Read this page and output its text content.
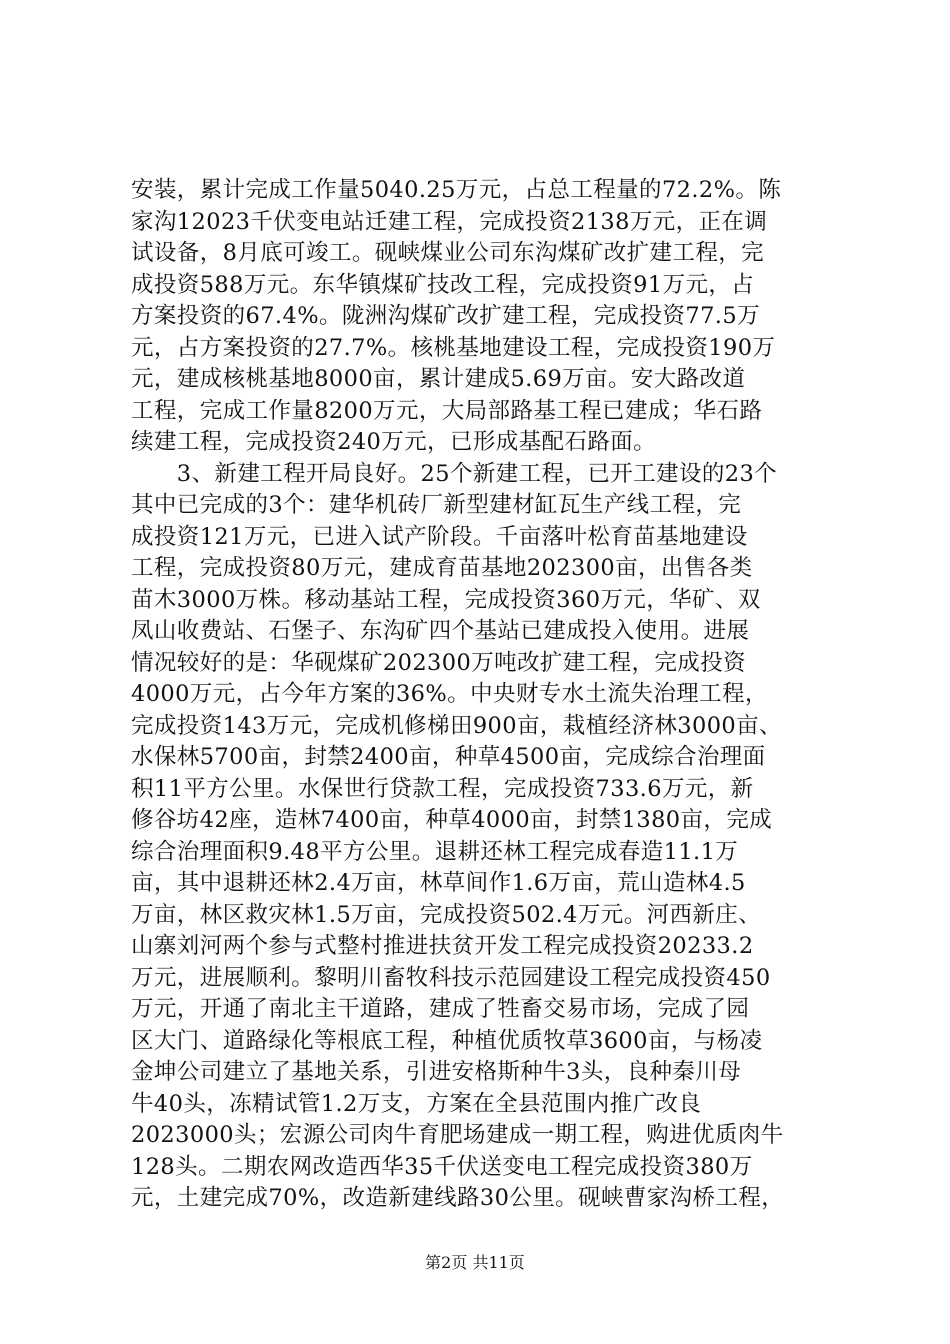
安装，累计完成工作量5040.25万元，占总工程量的72.2%。陈
家沟12023千伏变电站迁建工程，完成投资2138万元，正在调
试设备，8月底可竣工。砚峡煤业公司东沟煤矿改扩建工程，完
成投资588万元。东华镇煤矿技改工程，完成投资91万元，占
方案投资的67.4%。陇洲沟煤矿改扩建工程，完成投资77.5万
元，占方案投资的27.7%。核桃基地建设工程，完成投资190万
元，建成核桃基地8000亩，累计建成5.69万亩。安大路改道
工程，完成工作量8200万元，大局部路基工程已建成；华石路
续建工程，完成投资240万元，已形成基配石路面。
　　3、新建工程开局良好。25个新建工程，已开工建设的23个
其中已完成的3个：建华机砖厂新型建材缸瓦生产线工程，完
成投资121万元，已进入试产阶段。千亩落叶松育苗基地建设
工程，完成投资80万元，建成育苗基地202300亩，出售各类
苗木3000万株。移动基站工程，完成投资360万元，华矿、双
凤山收费站、石堡子、东沟矿四个基站已建成投入使用。进展
情况较好的是：华砚煤矿202300万吨改扩建工程，完成投资
4000万元，占今年方案的36%。中央财专水土流失治理工程，
完成投资143万元，完成机修梯田900亩，栽植经济林3000亩、
水保林5700亩，封禁2400亩，种草4500亩，完成综合治理面
积11平方公里。水保世行贷款工程，完成投资733.6万元，新
修谷坊42座，造林7400亩，种草4000亩，封禁1380亩，完成
综合治理面积9.48平方公里。退耕还林工程完成春造11.1万
亩，其中退耕还林2.4万亩，林草间作1.6万亩，荒山造林4.5
万亩，林区救灾林1.5万亩，完成投资502.4万元。河西新庄、
山寨刘河两个参与式整村推进扶贫开发工程完成投资20233.2
万元，进展顺利。黎明川畜牧科技示范园建设工程完成投资450
万元，开通了南北主干道路，建成了牲畜交易市场，完成了园
区大门、道路绿化等根底工程，种植优质牧草3600亩，与杨凌
金坤公司建立了基地关系，引进安格斯种牛3头，良种秦川母
牛40头，冻精试管1.2万支，方案在全县范围内推广改良
2023000头；宏源公司肉牛育肥场建成一期工程，购进优质肉牛
128头。二期农网改造西华35千伏送变电工程完成投资380万
元，土建完成70%，改造新建线路30公里。砚峡曹家沟桥工程，
第2页 共11页
